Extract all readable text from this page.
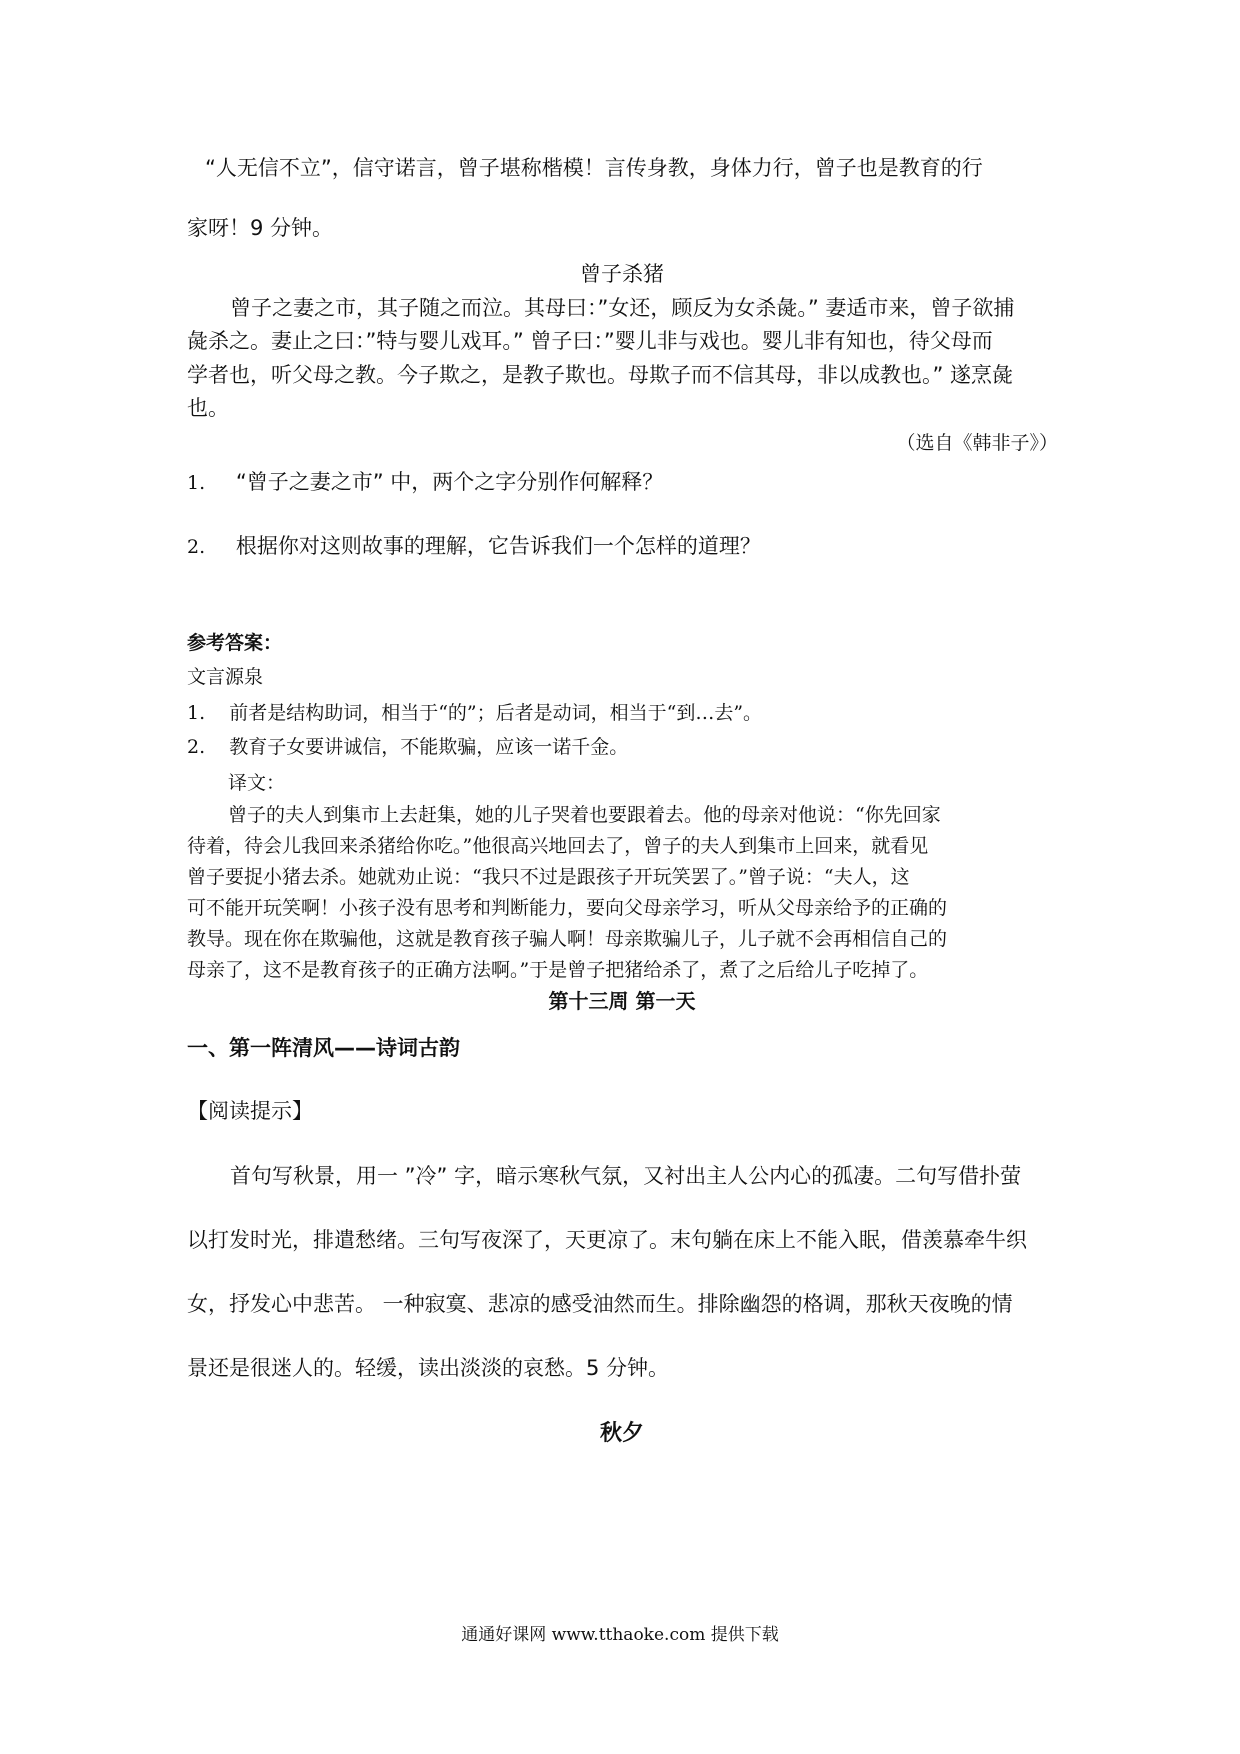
“人无信不立”，信守诺言，曾子堪称楷模！言传身教，身体力行，曾子也是教育的行
家呀！9 分钟。
曾子杀猪
曾子之妻之市，其子随之而泣。其母曰：”女还，顾反为女杀彘。” 妻适市来，曾子欲捕
彘杀之。妻止之曰：”特与婴儿戏耳。” 曾子曰：”婴儿非与戏也。婴儿非有知也，待父母而
学者也，听父母之教。今子欺之，是教子欺也。母欺子而不信其母，非以成教也。” 遂烹彘
也。
（选自《韩非子》）
1. “曾子之妻之市” 中，两个之字分别作何解释？
2. 根据你对这则故事的理解，它告诉我们一个怎样的道理？
参考答案：
文言源泉
1. 前者是结构助词，相当于“的”；后者是动词，相当于“到…去”。
2. 教育子女要讲诚信，不能欺骗，应该一诺千金。
译文：
曾子的夫人到集市上去赶集，她的儿子哭着也要跟着去。他的母亲对他说：“你先回家
待着，待会儿我回来杀猪给你吃。”他很高兴地回去了，曾子的夫人到集市上回来，就看见
曾子要捉小猪去杀。她就劝止说：“我只不过是跟孩子开玩笑罢了。”曾子说：“夫人，这
可不能开玩笑啊！小孩子没有思考和判断能力，要向父母亲学习，听从父母亲给予的正确的
教导。现在你在欺骗他，这就是教育孩子骗人啊！母亲欺骗儿子，儿子就不会再相信自己的
母亲了，这不是教育孩子的正确方法啊。”于是曾子把猪给杀了，煮了之后给儿子吃掉了。
第十三周 第一天
一、第一阵清风——诗词古韵
【阅读提示】
首句写秋景，用一 ”冷” 字，暗示寒秋气氛，又衬出主人公内心的孤凄。二句写借扑萤
以打发时光，排遣愁绪。三句写夜深了，天更凉了。末句躺在床上不能入眠，借羡慕牵牛织
女，抒发心中悲苦。 一种寂寞、悲凉的感受油然而生。排除幽怨的格调，那秋天夜晚的情
景还是很迷人的。轻缓，读出淡淡的哀愁。5 分钟。
秋夕
通通好课网 www.tthaoke.com 提供下载
